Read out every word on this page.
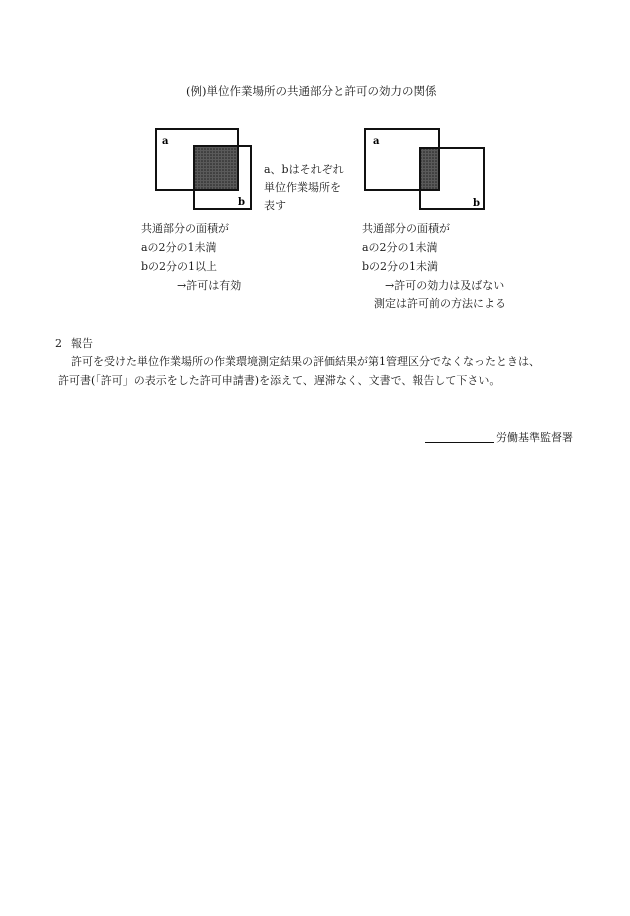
(例)単位作業場所の共通部分と許可の効力の関係
a
b
a、bはそれぞれ
単位作業場所を
表す
a
b
共通部分の面積が
aの2分の1未満
bの2分の1以上
→許可は有効
共通部分の面積が
aの2分の1未満
bの2分の1未満
→許可の効力は及ばない
測定は許可前の方法による
2 報告
許可を受けた単位作業場所の作業環境測定結果の評価結果が第1管理区分でなくなったときは、
許可書(「許可」の表示をした許可申請書)を添えて、遅滞なく、文書で、報告して下さい。
労働基準監督署
